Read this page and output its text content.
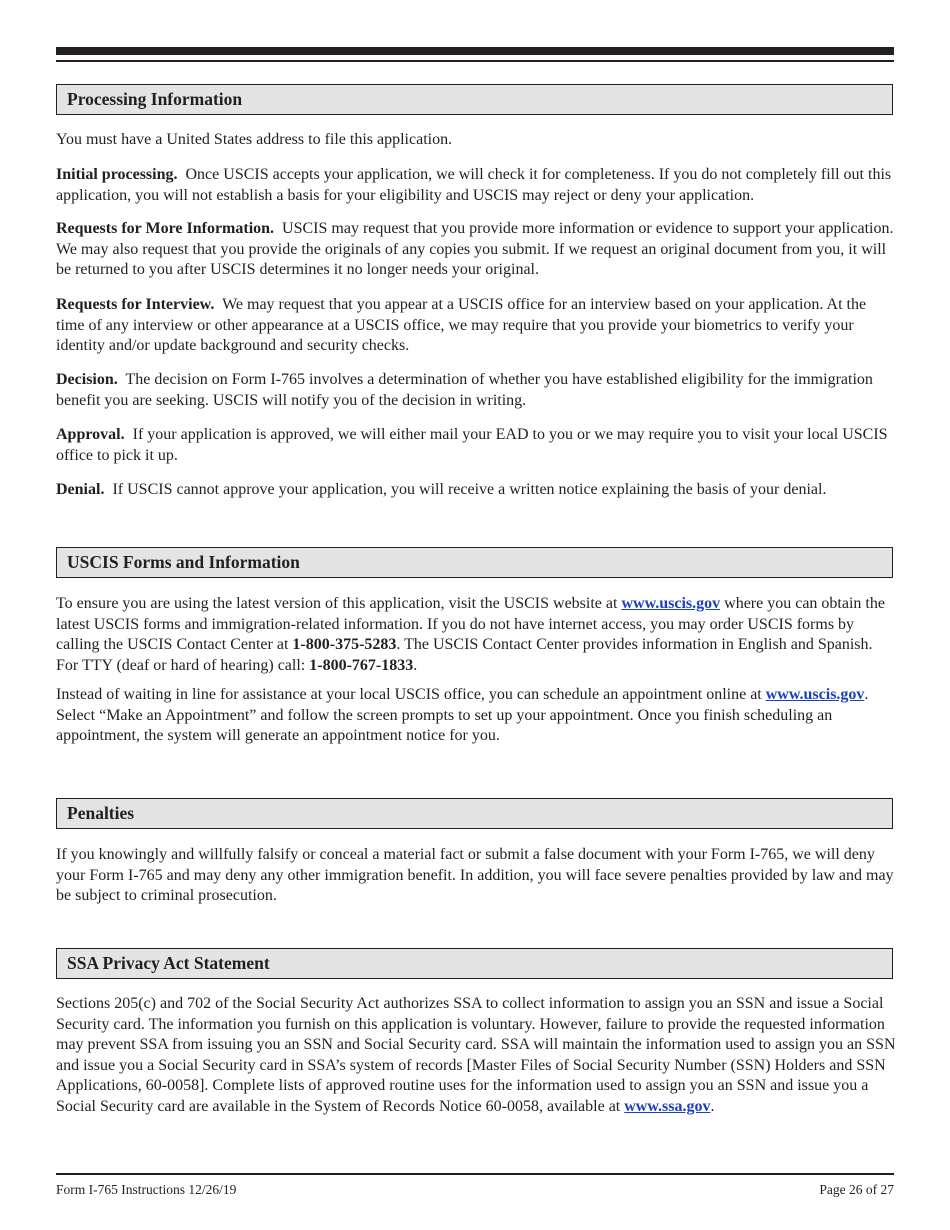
Processing Information

You must have a United States address to file this application.

Initial processing. Once USCIS accepts your application, we will check it for completeness. If you do not completely fill out this application, you will not establish a basis for your eligibility and USCIS may reject or deny your application.

Requests for More Information. USCIS may request that you provide more information or evidence to support your application. We may also request that you provide the originals of any copies you submit. If we request an original document from you, it will be returned to you after USCIS determines it no longer needs your original.

Requests for Interview. We may request that you appear at a USCIS office for an interview based on your application. At the time of any interview or other appearance at a USCIS office, we may require that you provide your biometrics to verify your identity and/or update background and security checks.

Decision. The decision on Form I-765 involves a determination of whether you have established eligibility for the immigration benefit you are seeking. USCIS will notify you of the decision in writing.

Approval. If your application is approved, we will either mail your EAD to you or we may require you to visit your local USCIS office to pick it up.

Denial. If USCIS cannot approve your application, you will receive a written notice explaining the basis of your denial.

USCIS Forms and Information

To ensure you are using the latest version of this application, visit the USCIS website at www.uscis.gov where you can obtain the latest USCIS forms and immigration-related information. If you do not have internet access, you may order USCIS forms by calling the USCIS Contact Center at 1-800-375-5283. The USCIS Contact Center provides information in English and Spanish. For TTY (deaf or hard of hearing) call: 1-800-767-1833.

Instead of waiting in line for assistance at your local USCIS office, you can schedule an appointment online at www.uscis.gov. Select “Make an Appointment” and follow the screen prompts to set up your appointment. Once you finish scheduling an appointment, the system will generate an appointment notice for you.

Penalties

If you knowingly and willfully falsify or conceal a material fact or submit a false document with your Form I-765, we will deny your Form I-765 and may deny any other immigration benefit. In addition, you will face severe penalties provided by law and may be subject to criminal prosecution.

SSA Privacy Act Statement

Sections 205(c) and 702 of the Social Security Act authorizes SSA to collect information to assign you an SSN and issue a Social Security card. The information you furnish on this application is voluntary. However, failure to provide the requested information may prevent SSA from issuing you an SSN and Social Security card. SSA will maintain the information used to assign you an SSN and issue you a Social Security card in SSA’s system of records [Master Files of Social Security Number (SSN) Holders and SSN Applications, 60-0058]. Complete lists of approved routine uses for the information used to assign you an SSN and issue you a Social Security card are available in the System of Records Notice 60-0058, available at www.ssa.gov.

Form I-765 Instructions 12/26/19	Page 26 of 27
